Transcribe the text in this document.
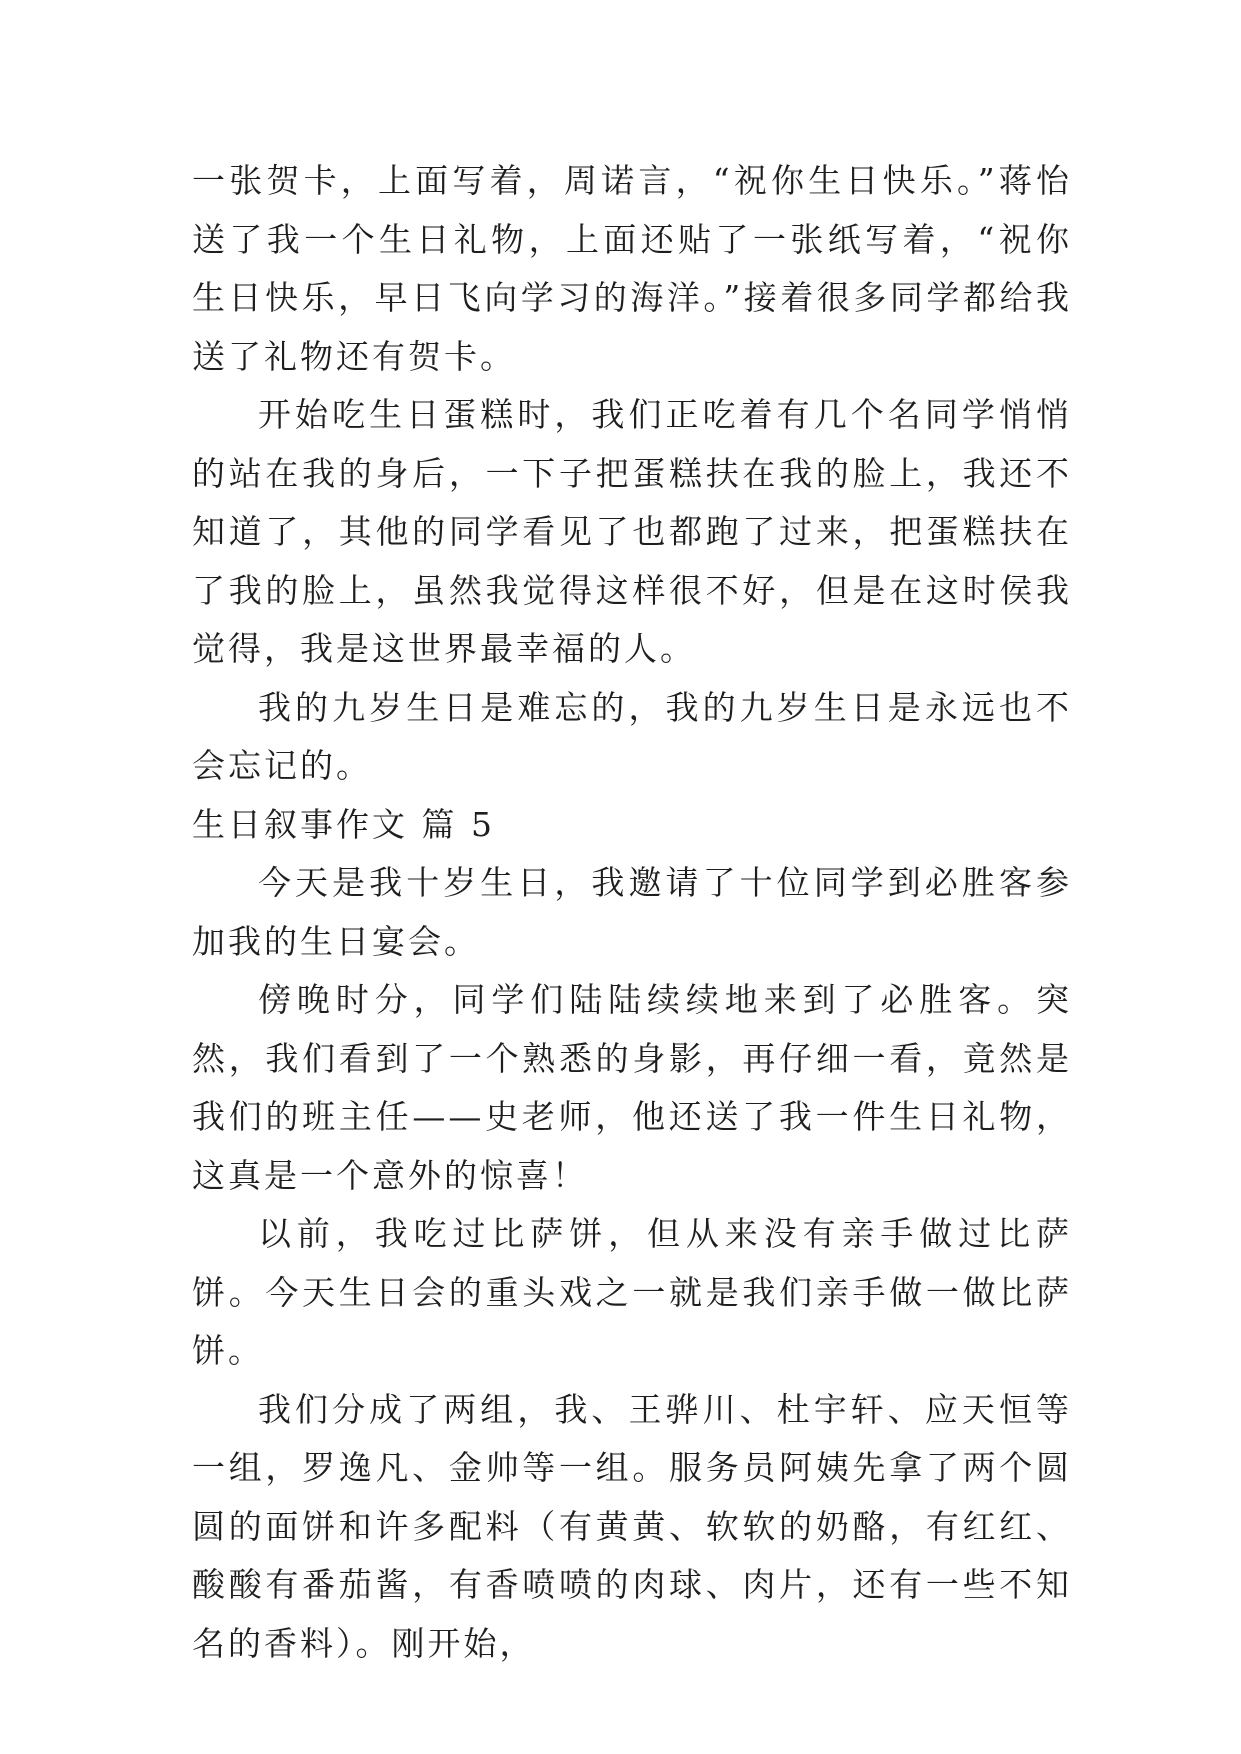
一张贺卡，上面写着，周诺言，“祝你生日快乐。”蒋怡送了我一个生日礼物，上面还贴了一张纸写着，“祝你生日快乐，早日飞向学习的海洋。”接着很多同学都给我送了礼物还有贺卡。

开始吃生日蛋糕时，我们正吃着有几个名同学悄悄的站在我的身后，一下子把蛋糕扶在我的脸上，我还不知道了，其他的同学看见了也都跑了过来，把蛋糕扶在了我的脸上，虽然我觉得这样很不好，但是在这时侯我觉得，我是这世界最幸福的人。

我的九岁生日是难忘的，我的九岁生日是永远也不会忘记的。

生日叙事作文 篇 5

今天是我十岁生日，我邀请了十位同学到必胜客参加我的生日宴会。

傍晚时分，同学们陆陆续续地来到了必胜客。突然，我们看到了一个熟悉的身影，再仔细一看，竟然是我们的班主任——史老师，他还送了我一件生日礼物，这真是一个意外的惊喜！

以前，我吃过比萨饼，但从来没有亲手做过比萨饼。今天生日会的重头戏之一就是我们亲手做一做比萨饼。

我们分成了两组，我、王骅川、杜宇轩、应天恒等一组，罗逸凡、金帅等一组。服务员阿姨先拿了两个圆圆的面饼和许多配料（有黄黄、软软的奶酪，有红红、酸酸有番茄酱，有香喷喷的肉球、肉片，还有一些不知名的香料）。刚开始，
